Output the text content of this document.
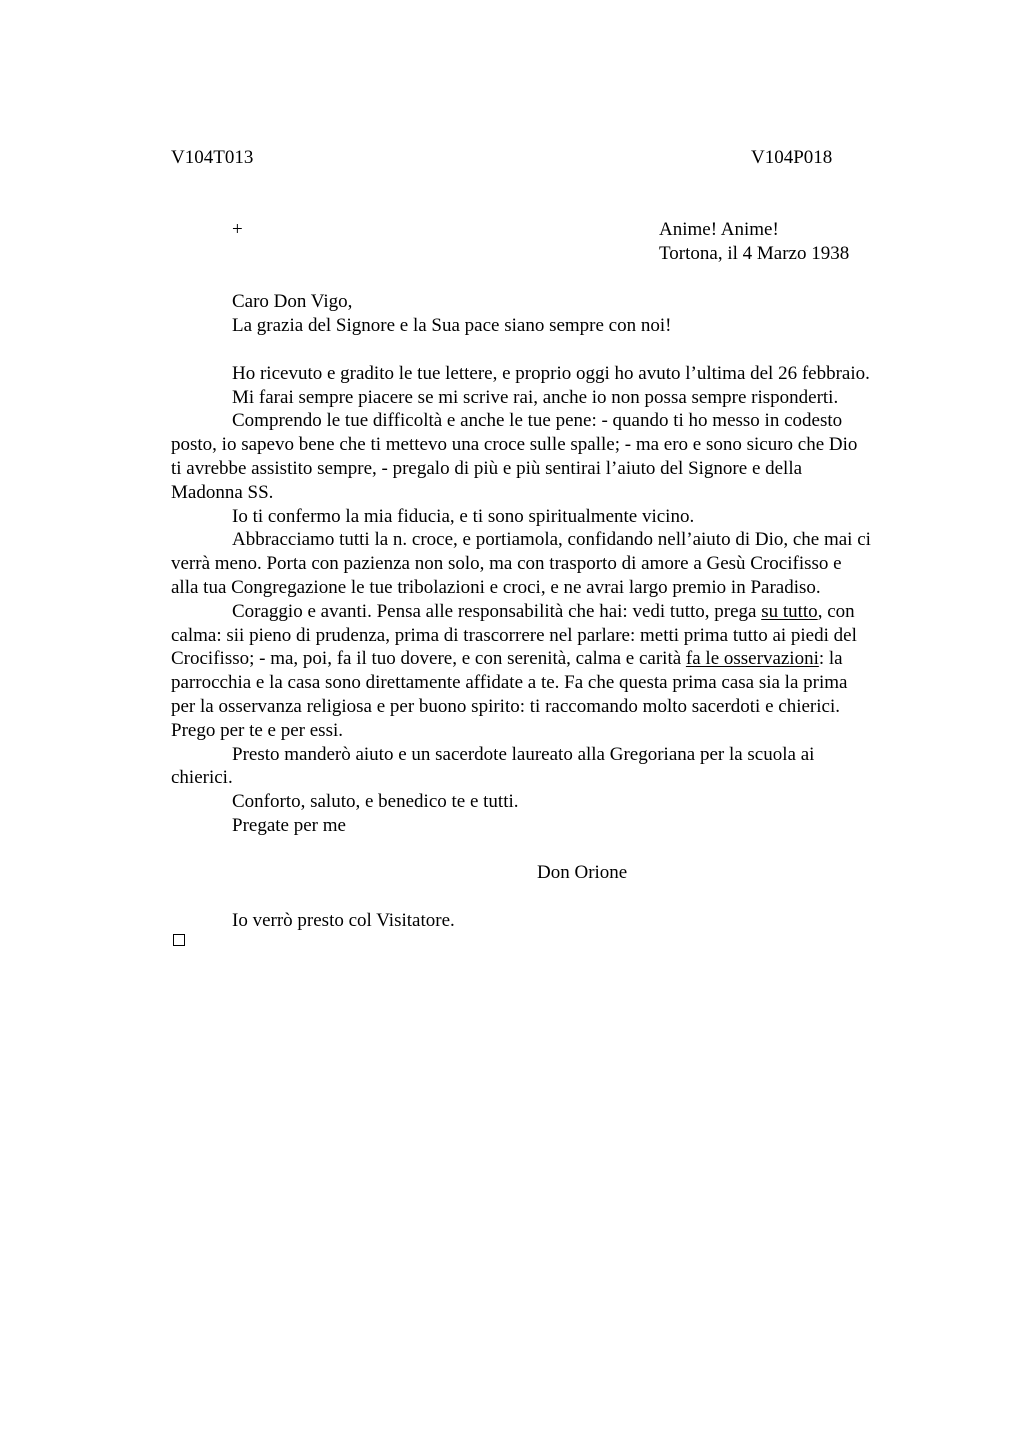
V104T013	V104P018
+	Anime! Anime!
Tortona, il 4 Marzo 1938
Caro Don Vigo,
La grazia del Signore e la Sua pace siano sempre con noi!
Ho ricevuto e gradito le tue lettere, e proprio oggi ho avuto l’ultima del 26 febbraio.
Mi farai sempre piacere se mi scrive rai, anche io non possa sempre risponderti.
Comprendo le tue difficoltà e anche le tue pene: - quando ti ho messo in codesto
posto, io sapevo bene che ti mettevo una croce sulle spalle; - ma ero e sono sicuro che Dio
ti avrebbe assistito sempre, - pregalo di più e più sentirai l’aiuto del Signore e della
Madonna SS.
Io ti confermo la mia fiducia, e ti sono spiritualmente vicino.
Abbracciamo tutti la n. croce, e portiamola, confidando nell’aiuto di Dio, che mai ci
verrà meno. Porta con pazienza non solo, ma con trasporto di amore a Gesù Crocifisso e
alla tua Congregazione le tue tribolazioni e croci, e ne avrai largo premio in Paradiso.
Coraggio e avanti. Pensa alle responsabilità che hai: vedi tutto, prega su tutto, con
calma: sii pieno di prudenza, prima di trascorrere nel parlare: metti prima tutto ai piedi del
Crocifisso; - ma, poi, fa il tuo dovere, e con serenità, calma e carità fa le osservazioni: la
parrocchia e la casa sono direttamente affidate a te. Fa che questa prima casa sia la prima
per la osservanza religiosa e per buono spirito: ti raccomando molto sacerdoti e chierici.
Prego per te e per essi.
Presto manderò aiuto e un sacerdote laureato alla Gregoriana per la scuola ai
chierici.
Conforto, saluto, e benedico te e tutti.
Pregate per me
Don Orione
Io verrò presto col Visitatore.
